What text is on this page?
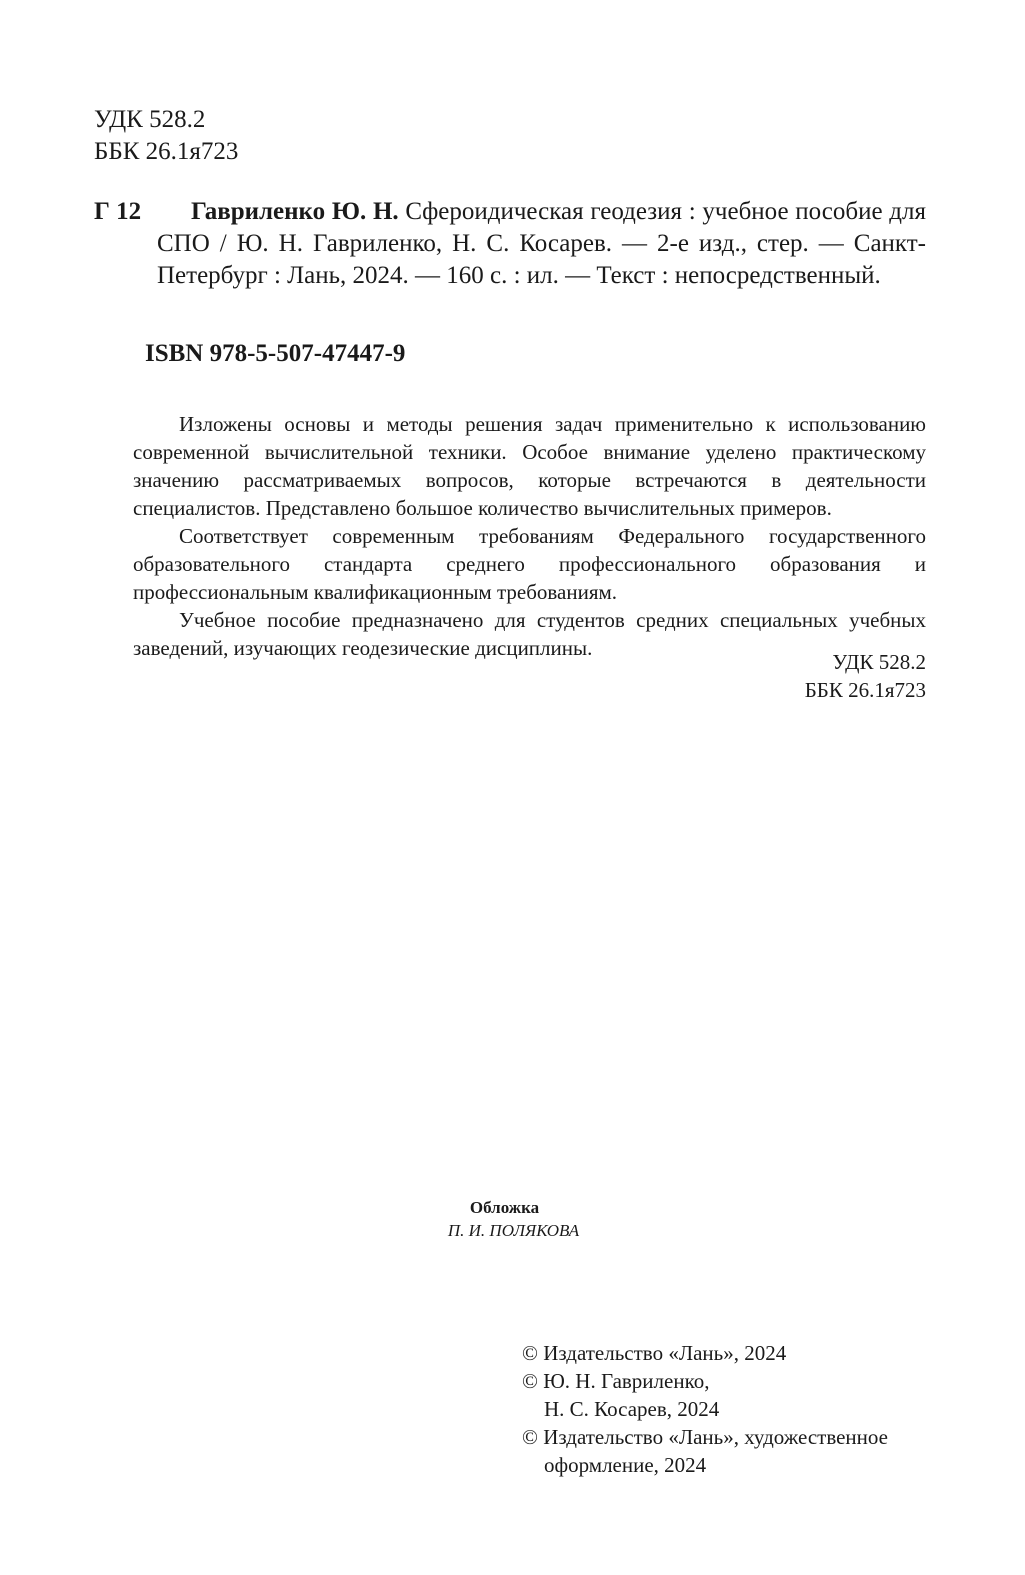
УДК 528.2
ББК 26.1я723
Г 12	Гавриленко Ю. Н. Сфероидическая геодезия : учебное пособие для СПО / Ю. Н. Гавриленко, Н. С. Косарев. — 2-е изд., стер. — Санкт-Петербург : Лань, 2024. — 160 с. : ил. — Текст : непосредственный.
ISBN 978-5-507-47447-9

Изложены основы и методы решения задач применительно к использованию современной вычислительной техники. Особое внимание уделено практическому значению рассматриваемых вопросов, которые встречаются в деятельности специалистов. Представлено большое количество вычислительных примеров.

Соответствует современным требованиям Федерального государственного образовательного стандарта среднего профессионального образования и профессиональным квалификационным требованиям.

Учебное пособие предназначено для студентов средних специальных учебных заведений, изучающих геодезические дисциплины.

УДК 528.2
ББК 26.1я723
Обложка
П. И. ПОЛЯКОВА
© Издательство «Лань», 2024
© Ю. Н. Гавриленко,
Н. С. Косарев, 2024
© Издательство «Лань», художественное
оформление, 2024
